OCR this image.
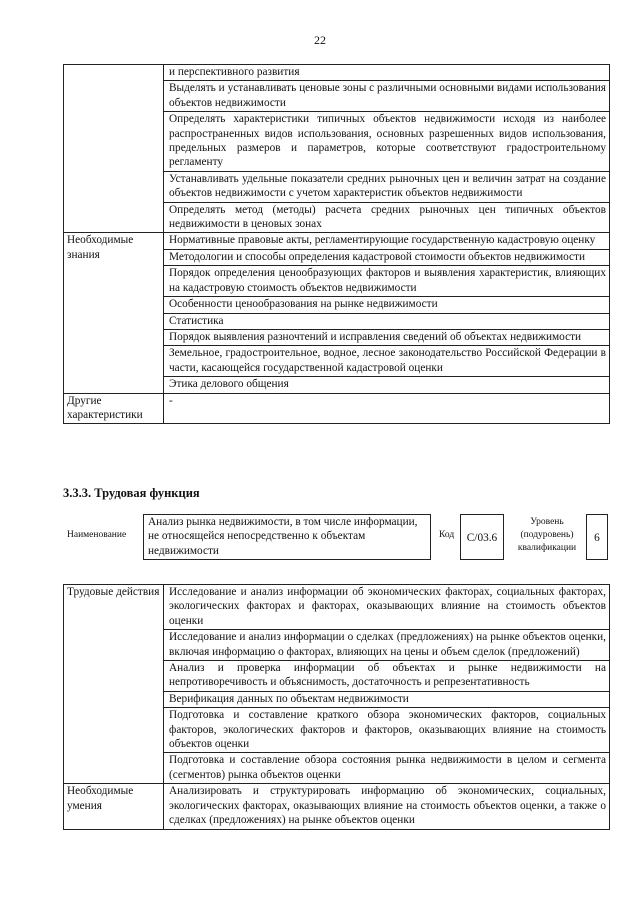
22
	и перспективного развития
	Выделять и устанавливать ценовые зоны с различными основными видами использования объектов недвижимости
	Определять характеристики типичных объектов недвижимости исходя из наиболее распространенных видов использования, основных разрешенных видов использования, предельных размеров и параметров, которые соответствуют градостроительному регламенту
	Устанавливать удельные показатели средних рыночных цен и величин затрат на создание объектов недвижимости с учетом характеристик объектов недвижимости
	Определять метод (методы) расчета средних рыночных цен типичных объектов недвижимости в ценовых зонах
Необходимые знания	Нормативные правовые акты, регламентирующие государственную кадастровую оценку
	Методологии и способы определения кадастровой стоимости объектов недвижимости
	Порядок определения ценообразующих факторов и выявления характеристик, влияющих на кадастровую стоимость объектов недвижимости
	Особенности ценообразования на рынке недвижимости
	Статистика
	Порядок выявления разночтений и исправления сведений об объектах недвижимости
	Земельное, градостроительное, водное, лесное законодательство Российской Федерации в части, касающейся государственной кадастровой оценки
	Этика делового общения
Другие характеристики	-
3.3.3. Трудовая функция
Наименование
Анализ рынка недвижимости, в том числе информации, не относящейся непосредственно к объектам недвижимости
Код	C/03.6
Уровень (подуровень) квалификации
6
Трудовые действия	Исследование и анализ информации об экономических факторах, социальных факторах, экологических факторах и факторах, оказывающих влияние на стоимость объектов оценки
	Исследование и анализ информации о сделках (предложениях) на рынке объектов оценки, включая информацию о факторах, влияющих на цены и объем сделок (предложений)
	Анализ и проверка информации об объектах и рынке недвижимости на непротиворечивость и объяснимость, достаточность и репрезентативность
	Верификация данных по объектам недвижимости
	Подготовка и составление краткого обзора экономических факторов, социальных факторов, экологических факторов и факторов, оказывающих влияние на стоимость объектов оценки
	Подготовка и составление обзора состояния рынка недвижимости в целом и сегмента (сегментов) рынка объектов оценки
Необходимые умения	Анализировать и структурировать информацию об экономических, социальных, экологических факторах, оказывающих влияние на стоимость объектов оценки, а также о сделках (предложениях) на рынке объектов оценки
